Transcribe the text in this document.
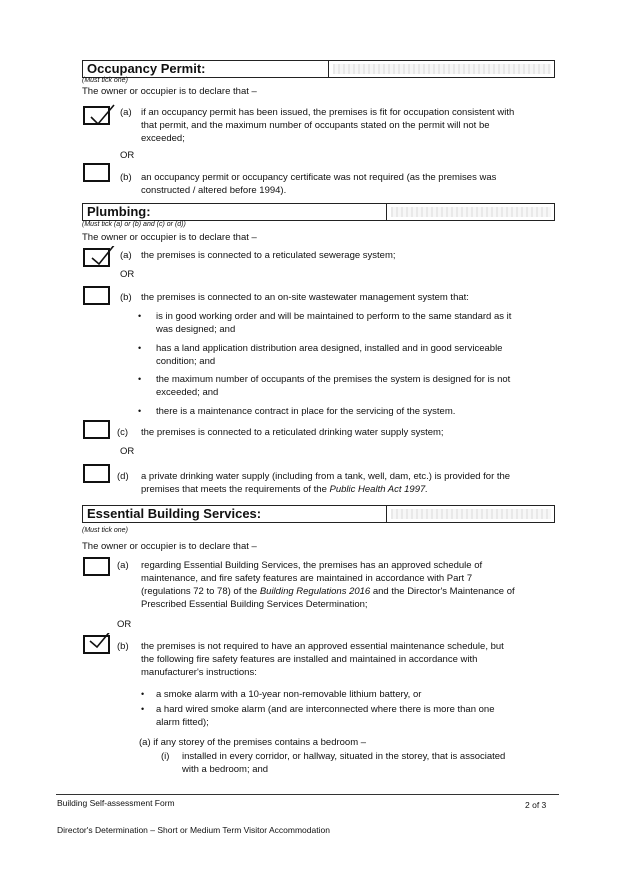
Occupancy Permit:
(Must tick one)
The owner or occupier is to declare that –
(a) if an occupancy permit has been issued, the premises is fit for occupation consistent with
that permit, and the maximum number of occupants stated on the permit will not be
exceeded;
OR
(b) an occupancy permit or occupancy certificate was not required (as the premises was
constructed / altered before 1994).
Plumbing:
(Must tick (a) or (b) and (c) or (d))
The owner or occupier is to declare that –
(a) the premises is connected to a reticulated sewerage system;
OR
(b) the premises is connected to an on-site wastewater management system that:
• is in good working order and will be maintained to perform to the same standard as it
was designed; and
• has a land application distribution area designed, installed and in good serviceable
condition; and
• the maximum number of occupants of the premises the system is designed for is not
exceeded; and
• there is a maintenance contract in place for the servicing of the system.
(c) the premises is connected to a reticulated drinking water supply system;
OR
(d) a private drinking water supply (including from a tank, well, dam, etc.) is provided for the
premises that meets the requirements of the Public Health Act 1997.
Essential Building Services:
(Must tick one)
The owner or occupier is to declare that –
(a) regarding Essential Building Services, the premises has an approved schedule of
maintenance, and fire safety features are maintained in accordance with Part 7
(regulations 72 to 78) of the Building Regulations 2016 and the Director's Maintenance of
Prescribed Essential Building Services Determination;
OR
(b) the premises is not required to have an approved essential maintenance schedule, but
the following fire safety features are installed and maintained in accordance with
manufacturer's instructions:
• a smoke alarm with a 10-year non-removable lithium battery, or
• a hard wired smoke alarm (and are interconnected where there is more than one
alarm fitted);
(a) if any storey of the premises contains a bedroom –
(i) installed in every corridor, or hallway, situated in the storey, that is associated
with a bedroom; and
Building Self-assessment Form	2 of 3
Director's Determination – Short or Medium Term Visitor Accommodation
